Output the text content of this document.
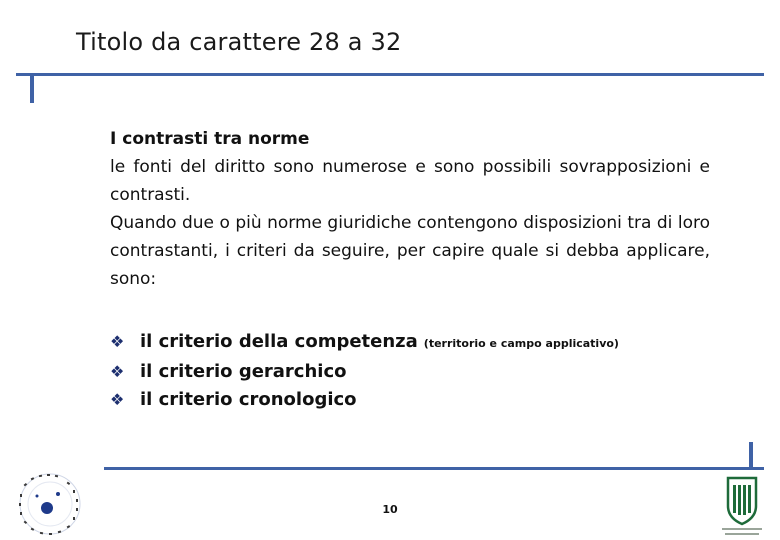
Titolo da carattere 28 a 32
I contrasti tra norme
le fonti del diritto sono numerose e sono possibili sovrapposizioni e contrasti.
Quando due o più norme giuridiche contengono disposizioni tra di loro contrastanti, i criteri da seguire, per capire quale si debba applicare, sono:
❖ il criterio della competenza (territorio e campo applicativo)
❖ il criterio gerarchico
❖ il criterio cronologico
10
